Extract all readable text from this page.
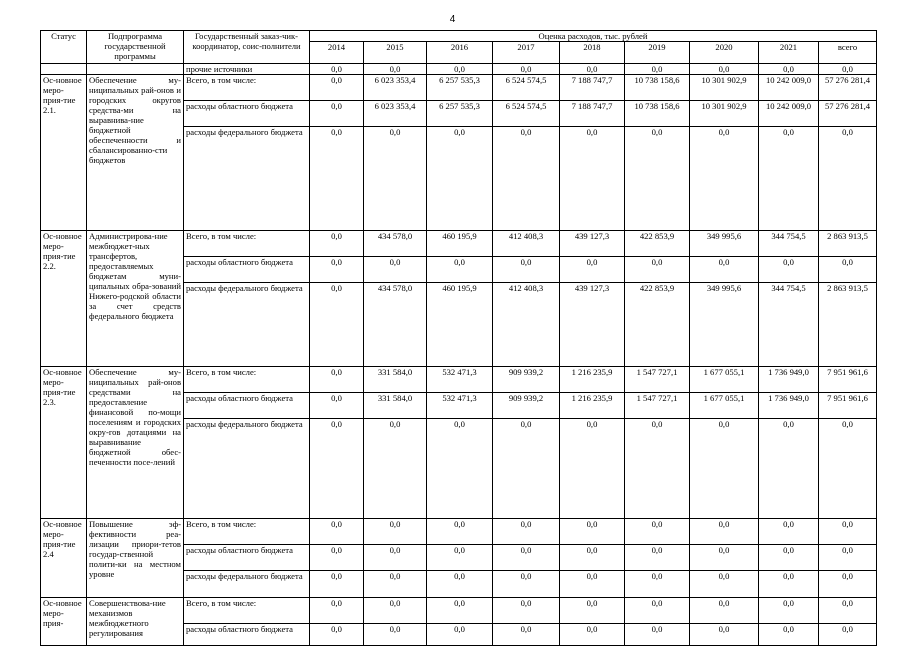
4
Статус	Подпрограмма государственной программы	Государственный заказ-чик-координатор, соис-полнители	Оценка расходов, тыс. рублей								
			2014	2015	2016	2017	2018	2019	2020	2021	всего
		прочие источники	0,0	0,0	0,0	0,0	0,0	0,0	0,0	0,0	0,0
Ос-новное меро-прия-тие 2.1.	Обеспечение му-ниципальных рай-онов и городских округов средства-ми на выравнива-ние бюджетной обеспеченности и сбалансированно-сти бюджетов	Всего, в том числе:	0,0	6 023 353,4	6 257 535,3	6 524 574,5	7 188 747,7	10 738 158,6	10 301 902,9	10 242 009,0	57 276 281,4
		расходы областного бюджета	0,0	6 023 353,4	6 257 535,3	6 524 574,5	7 188 747,7	10 738 158,6	10 301 902,9	10 242 009,0	57 276 281,4
		расходы федерального бюджета	0,0	0,0	0,0	0,0	0,0	0,0	0,0	0,0	0,0
Ос-новное меро-прия-тие 2.2.	Администрирова-ние межбюджет-ных трансфертов, предоставляемых бюджетам муни-ципальных обра-зований Нижего-родской области за счет средств федерального бюджета	Всего, в том числе:	0,0	434 578,0	460 195,9	412 408,3	439 127,3	422 853,9	349 995,6	344 754,5	2 863 913,5
		расходы областного бюджета	0,0	0,0	0,0	0,0	0,0	0,0	0,0	0,0	0,0
		расходы федерального бюджета	0,0	434 578,0	460 195,9	412 408,3	439 127,3	422 853,9	349 995,6	344 754,5	2 863 913,5
Ос-новное меро-прия-тие 2.3.	Обеспечение му-ниципальных рай-онов средствами на предоставление финансовой по-мощи поселениям и городских окру-гов дотациями на выравнивание бюджетной обес-печенности посе-лений	Всего, в том числе:	0,0	331 584,0	532 471,3	909 939,2	1 216 235,9	1 547 727,1	1 677 055,1	1 736 949,0	7 951 961,6
		расходы областного бюджета	0,0	331 584,0	532 471,3	909 939,2	1 216 235,9	1 547 727,1	1 677 055,1	1 736 949,0	7 951 961,6
		расходы федерального бюджета	0,0	0,0	0,0	0,0	0,0	0,0	0,0	0,0	0,0
Ос-новное меро-прия-тие 2.4	Повышение эф-фективности реа-лизации приори-тетов государ-ственной полити-ки на местном уровне	Всего, в том числе:	0,0	0,0	0,0	0,0	0,0	0,0	0,0	0,0	0,0
		расходы областного бюджета	0,0	0,0	0,0	0,0	0,0	0,0	0,0	0,0	0,0
		расходы федерального бюджета	0,0	0,0	0,0	0,0	0,0	0,0	0,0	0,0	0,0
Ос-новное меро-прия-	Совершенствова-ние механизмов межбюджетного регулирования	Всего, в том числе:	0,0	0,0	0,0	0,0	0,0	0,0	0,0	0,0	0,0
		расходы областного бюджета	0,0	0,0	0,0	0,0	0,0	0,0	0,0	0,0	0,0
